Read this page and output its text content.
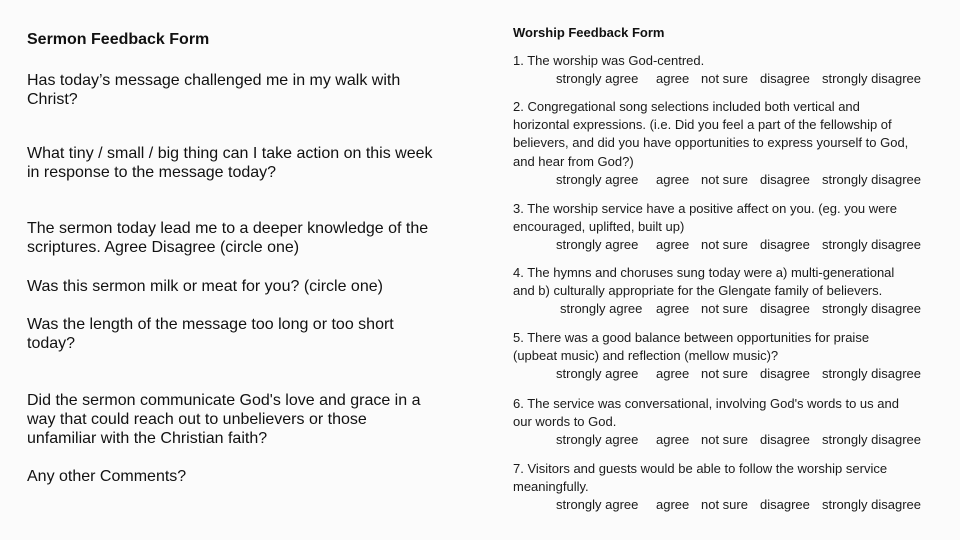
Sermon Feedback Form
Has today’s message challenged me in my walk with
Christ?
What tiny / small / big thing can I take action on this week
in response to the message today?
The sermon today lead me to a deeper knowledge of the
scriptures. Agree Disagree (circle one)
Was this sermon milk or meat for you? (circle one)
Was the length of the message too long or too short
today?
Did the sermon communicate God's love and grace in a
way that could reach out to unbelievers or those
unfamiliar with the Christian faith?
Any other Comments?
Worship Feedback Form
1. The worship was God-centred.
strongly agree agree not sure disagree strongly disagree
2. Congregational song selections included both vertical and
horizontal expressions. (i.e. Did you feel a part of the fellowship of
believers, and did you have opportunities to express yourself to God,
and hear from God?)
strongly agree agree not sure disagree strongly disagree
3. The worship service have a positive affect on you. (eg. you were
encouraged, uplifted, built up)
strongly agree agree not sure disagree strongly disagree
4. The hymns and choruses sung today were a) multi-generational
and b) culturally appropriate for the Glengate family of believers.
strongly agree agree not sure disagree strongly disagree
5. There was a good balance between opportunities for praise
(upbeat music) and reflection (mellow music)?
strongly agree agree not sure disagree strongly disagree
6. The service was conversational, involving God's words to us and
our words to God.
strongly agree agree not sure disagree strongly disagree
7. Visitors and guests would be able to follow the worship service
meaningfully.
strongly agree agree not sure disagree strongly disagree
